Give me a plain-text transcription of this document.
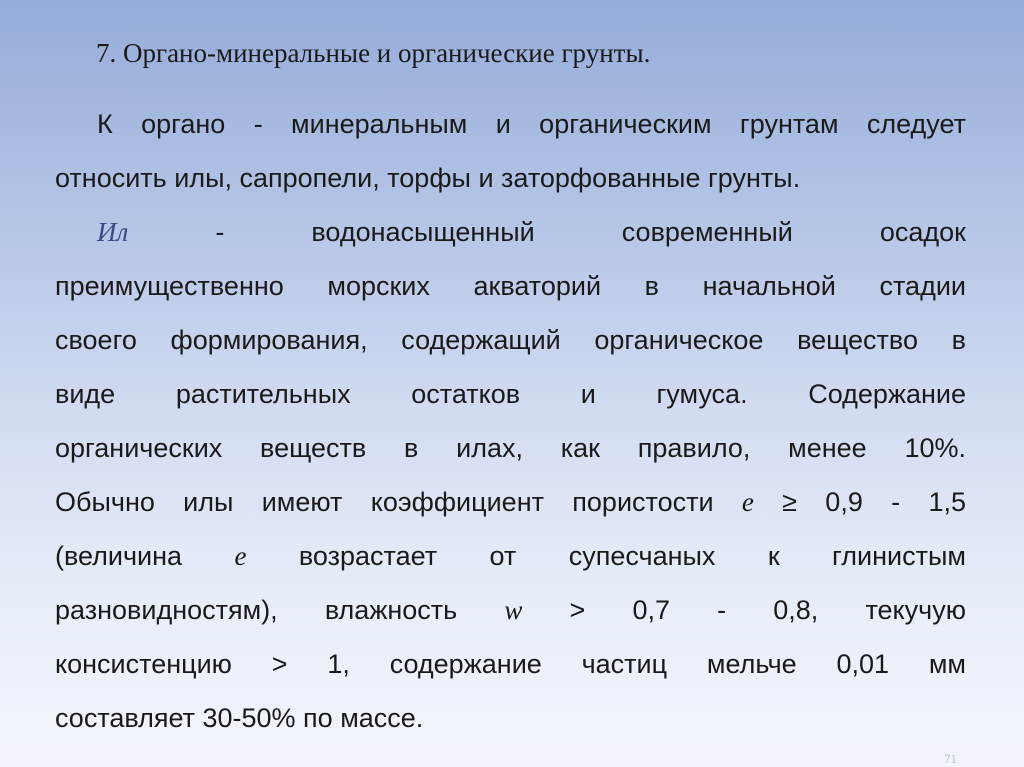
7. Органо-минеральные и органические грунты.
К органо - минеральным и органическим грунтам следует
относить илы, сапропели, торфы и заторфованные грунты.
Ил	- водонасыщенный современный осадок
преимущественно морских акваторий в начальной стадии
своего формирования, содержащий органическое вещество в
виде растительных остатков и гумуса. Содержание
органических веществ в илах, как правило, менее 10%.
Обычно илы имеют коэффициент пористости e ≥ 0,9 - 1,5
(величина e возрастает от супесчаных к глинистым
разновидностям), влажность w > 0,7 - 0,8, текучую
консистенцию > 1, содержание частиц мельче 0,01 мм
составляет 30-50% по массе.
71
